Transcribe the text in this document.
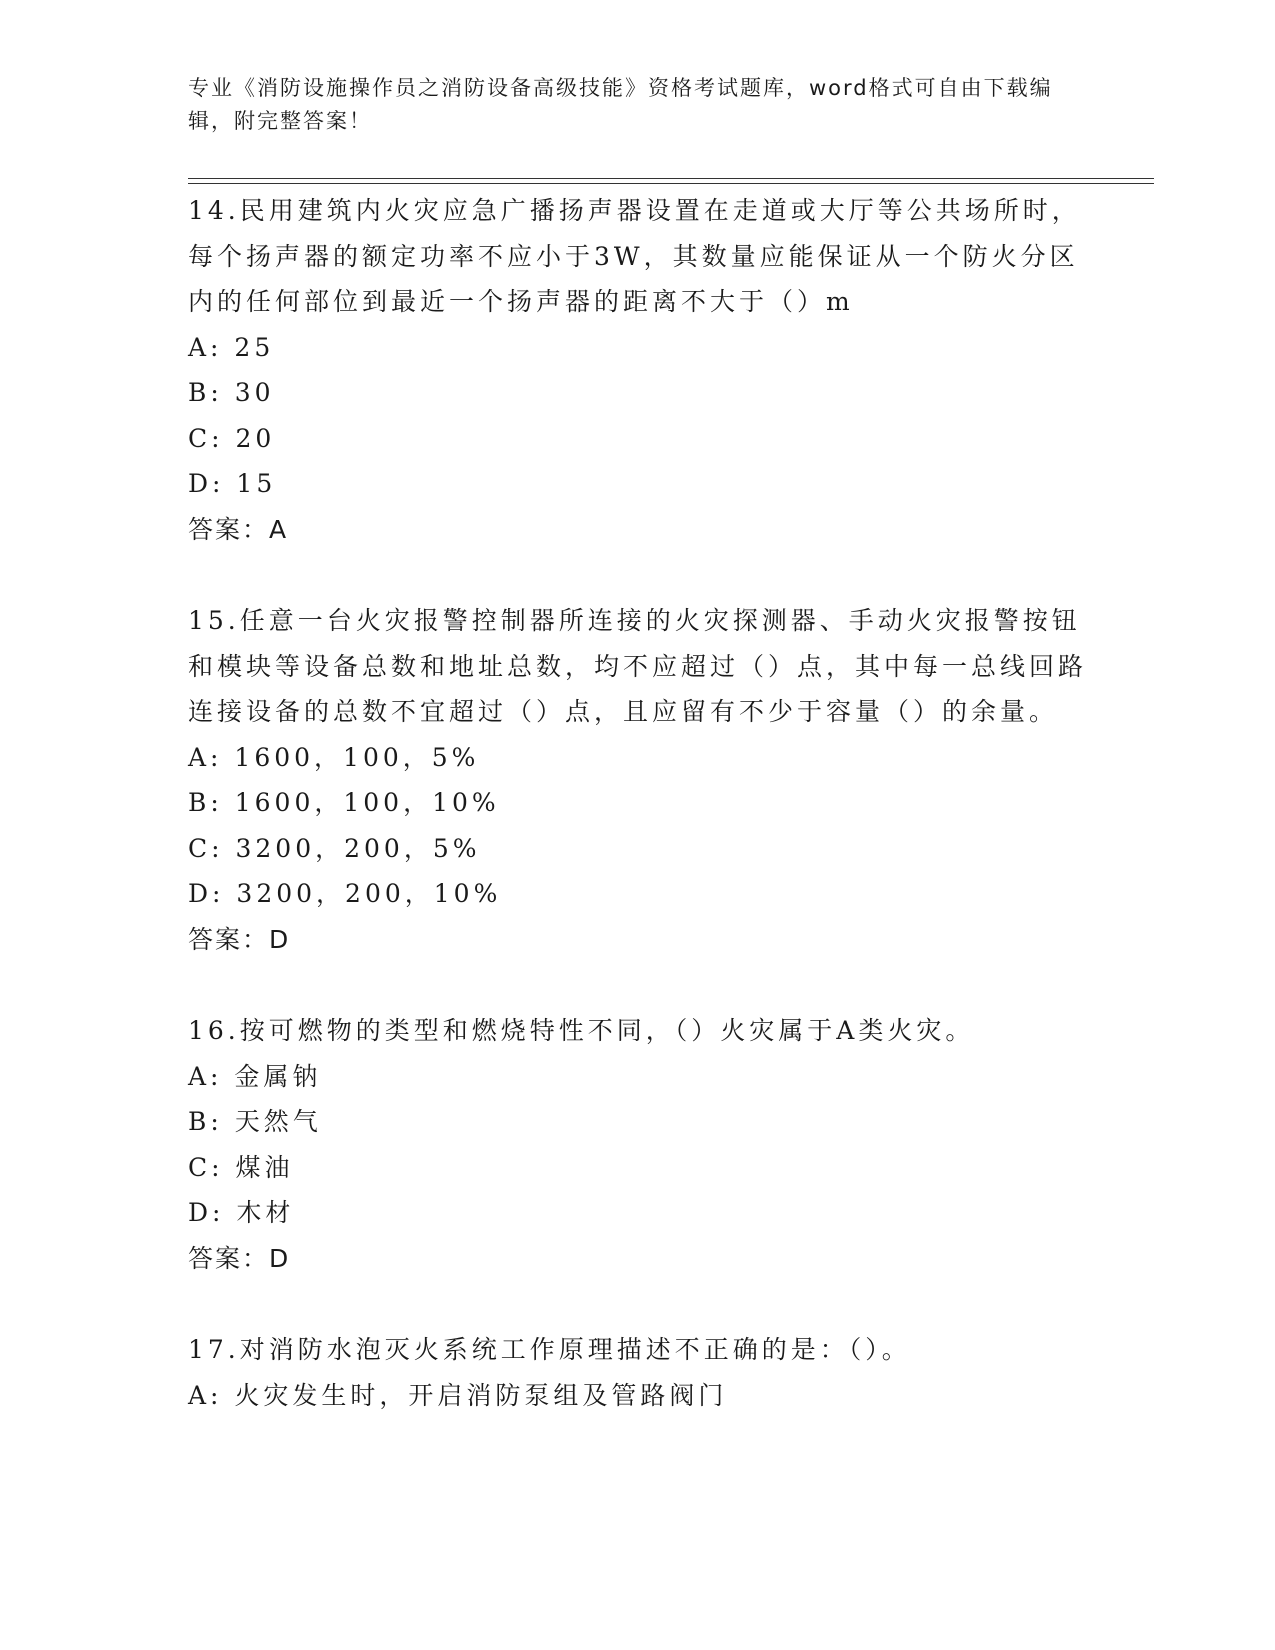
专业《消防设施操作员之消防设备高级技能》资格考试题库，word格式可自由下载编辑，附完整答案！

14.民用建筑内火灾应急广播扬声器设置在走道或大厅等公共场所时，每个扬声器的额定功率不应小于3W，其数量应能保证从一个防火分区内的任何部位到最近一个扬声器的距离不大于（）m

A: 25

B: 30

C: 20

D: 15

答案：A

15.任意一台火灾报警控制器所连接的火灾探测器、手动火灾报警按钮和模块等设备总数和地址总数，均不应超过（）点，其中每一总线回路连接设备的总数不宜超过（）点，且应留有不少于容量（）的余量。

A: 1600，100，5%

B: 1600，100，10%

C: 3200，200，5%

D: 3200，200，10%

答案：D

16.按可燃物的类型和燃烧特性不同，（）火灾属于A类火灾。

A: 金属钠

B: 天然气

C: 煤油

D: 木材

答案：D

17.对消防水泡灭火系统工作原理描述不正确的是：（）。

A: 火灾发生时，开启消防泵组及管路阀门
